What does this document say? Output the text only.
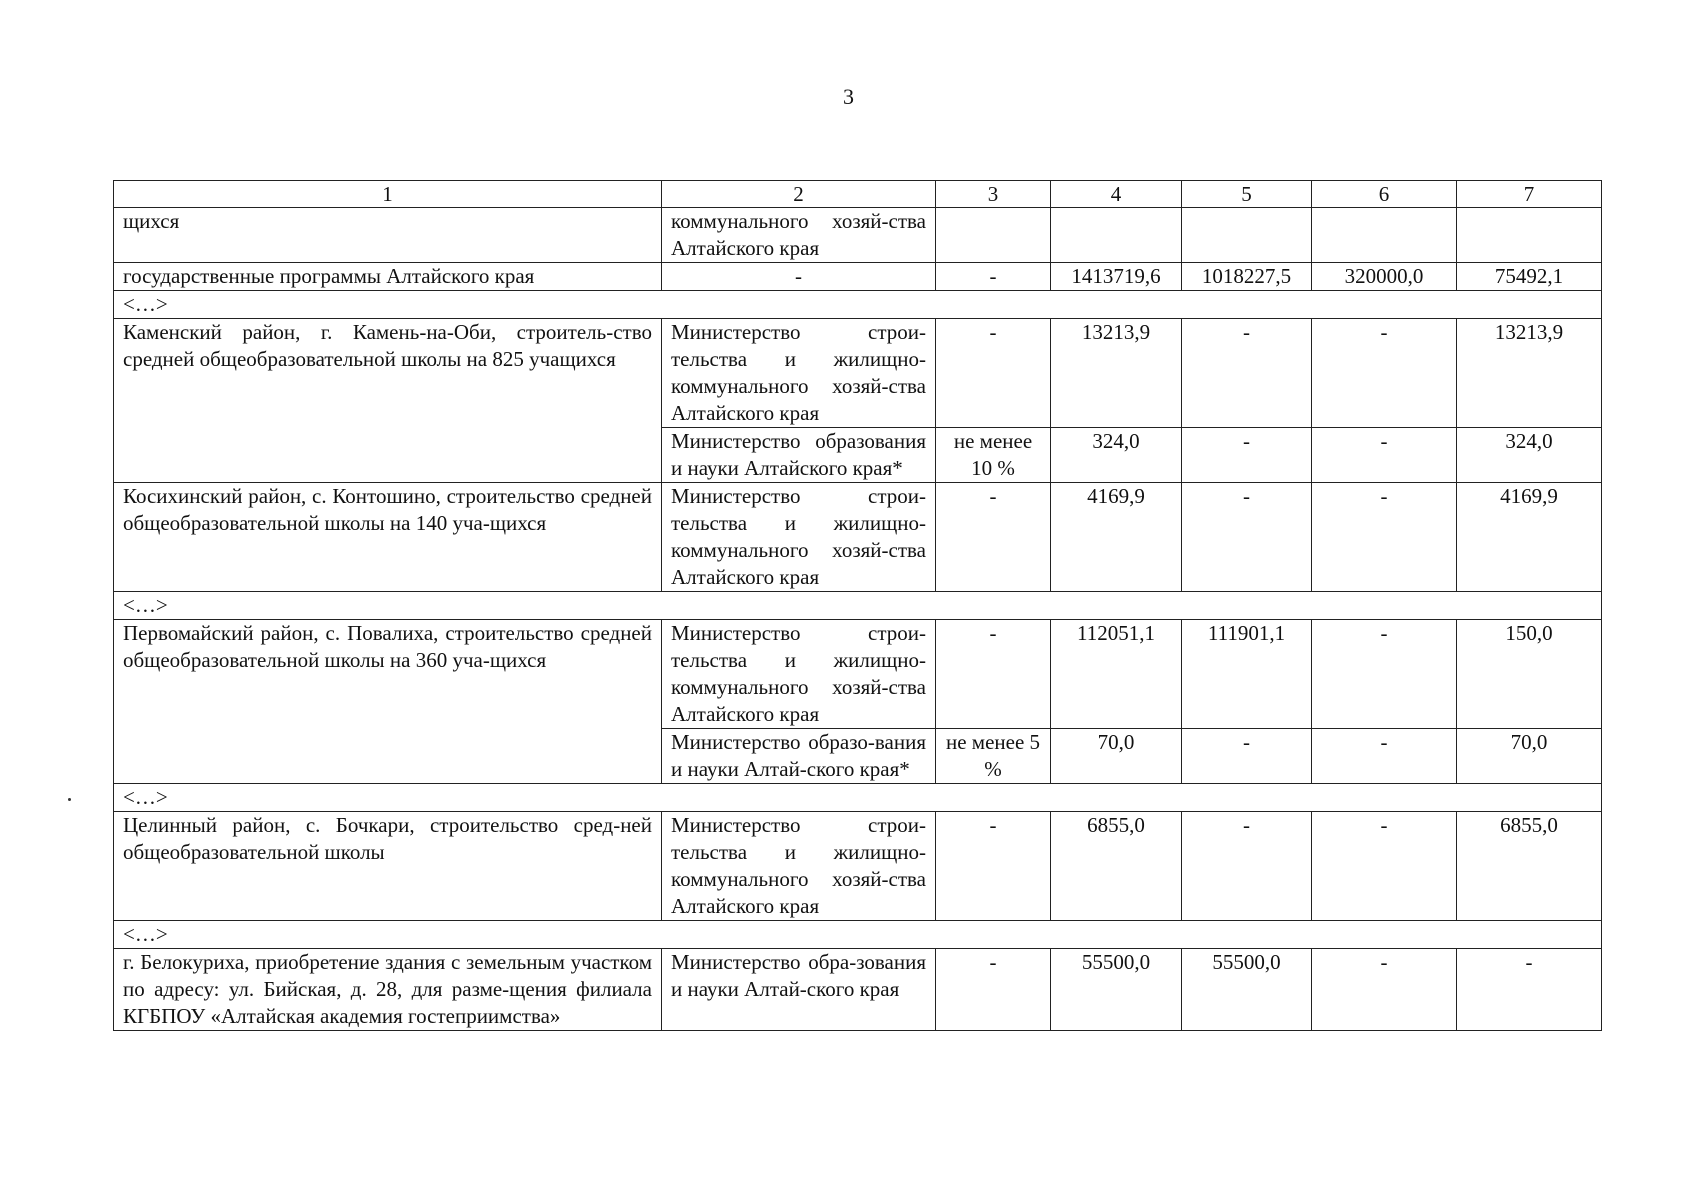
3
1	2	3	4	5	6	7
щихся	коммунального хозяй-ства Алтайского края					
государственные программы Алтайского края	-	-	1413719,6	1018227,5	320000,0	75492,1
<…>						
Каменский район, г. Камень-на-Оби, строитель-ство средней общеобразовательной школы на 825 учащихся	Министерство строи-тельства и жилищно-коммунального хозяй-ства Алтайского края	-	13213,9	-	-	13213,9
	Министерство образования и науки Алтайского края*	не менее 10 %	324,0	-	-	324,0
Косихинский район, с. Контошино, строительство средней общеобразовательной школы на 140 уча-щихся	Министерство строи-тельства и жилищно-коммунального хозяй-ства Алтайского края	-	4169,9	-	-	4169,9
<…>						
Первомайский район, с. Повалиха, строительство средней общеобразовательной школы на 360 уча-щихся	Министерство строи-тельства и жилищно-коммунального хозяй-ства Алтайского края	-	112051,1	111901,1	-	150,0
	Министерство образо-вания и науки Алтай-ского края*	не менее 5 %	70,0	-	-	70,0
<…>						
Целинный район, с. Бочкари, строительство сред-ней общеобразовательной школы	Министерство строи-тельства и жилищно-коммунального хозяй-ства Алтайского края	-	6855,0	-	-	6855,0
<…>						
г. Белокуриха, приобретение здания с земельным участком по адресу: ул. Бийская, д. 28, для разме-щения филиала КГБПОУ «Алтайская академия гостеприимства»	Министерство обра-зования и науки Алтай-ского края	-	55500,0	55500,0	-	-
